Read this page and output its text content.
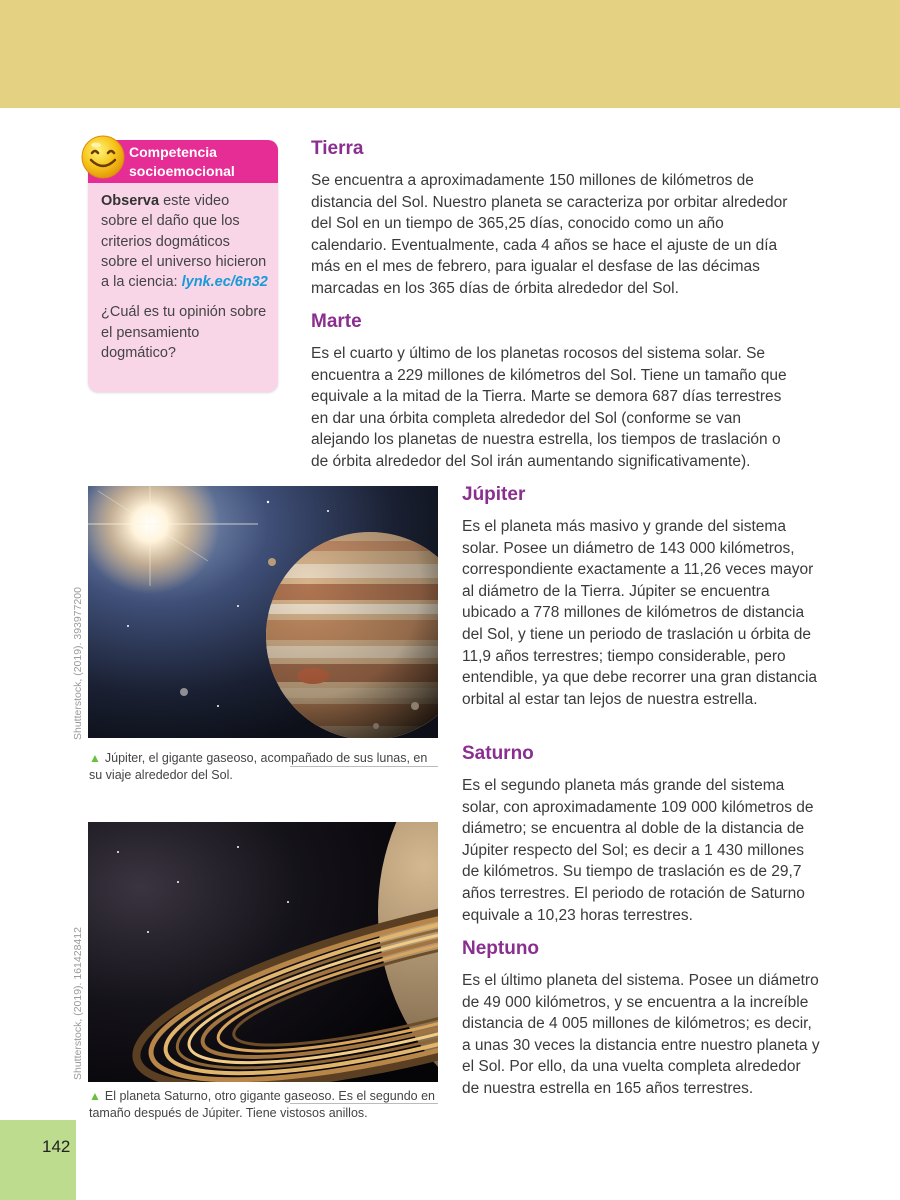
Competencia
socioemocional

Observa este video sobre el daño que los criterios dogmáticos sobre el universo hicieron a la ciencia: lynk.ec/6n32

¿Cuál es tu opinión sobre el pensamiento dogmático?

Tierra

Se encuentra a aproximadamente 150 millones de kilómetros de distancia del Sol. Nuestro planeta se caracteriza por orbitar alrededor del Sol en un tiempo de 365,25 días, conocido como un año calendario. Eventualmente, cada 4 años se hace el ajuste de un día más en el mes de febrero, para igualar el desfase de las décimas marcadas en los 365 días de órbita alrededor del Sol.

Marte

Es el cuarto y último de los planetas rocosos del sistema solar. Se encuentra a 229 millones de kilómetros del Sol. Tiene un tamaño que equivale a la mitad de la Tierra. Marte se demora 687 días terrestres en dar una órbita completa alrededor del Sol (conforme se van alejando los planetas de nuestra estrella, los tiempos de traslación o de órbita alrededor del Sol irán aumentando significativamente).

Shutterstock, (2019). 393977200
▲ Júpiter, el gigante gaseoso, acompañado de sus lunas, en su viaje alrededor del Sol.
Shutterstock, (2019). 161428412
▲ El planeta Saturno, otro gigante gaseoso. Es el segundo en tamaño después de Júpiter. Tiene vistosos anillos.
Júpiter

Es el planeta más masivo y grande del sistema solar. Posee un diámetro de 143 000 kilómetros, correspondiente exactamente a 11,26 veces mayor al diámetro de la Tierra. Júpiter se encuentra ubicado a 778 millones de kilómetros de distancia del Sol, y tiene un periodo de traslación u órbita de 11,9 años terrestres; tiempo considerable, pero entendible, ya que debe recorrer una gran distancia orbital al estar tan lejos de nuestra estrella.

Saturno

Es el segundo planeta más grande del sistema solar, con aproximadamente 109 000 kilómetros de diámetro; se encuentra al doble de la distancia de Júpiter respecto del Sol; es decir a 1 430 millones de kilómetros. Su tiempo de traslación es de 29,7 años terrestres. El periodo de rotación de Saturno equivale a 10,23 horas terrestres.

Neptuno

Es el último planeta del sistema. Posee un diámetro de 49 000 kilómetros, y se encuentra a la increíble distancia de 4 005 millones de kilómetros; es decir, a unas 30 veces la distancia entre nuestro planeta y el Sol. Por ello, da una vuelta completa alrededor de nuestra estrella en 165 años terrestres.

142
